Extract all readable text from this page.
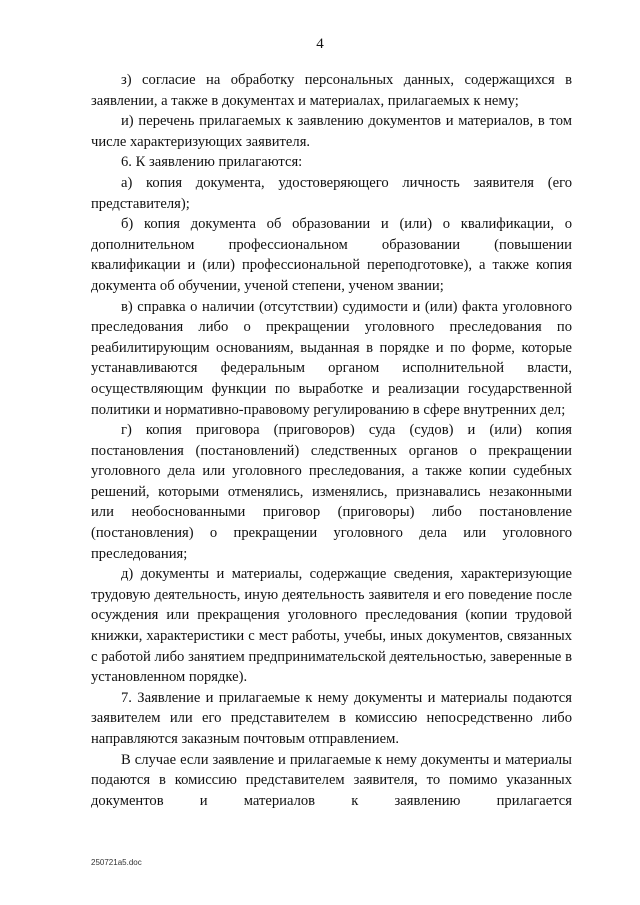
4

з) согласие на обработку персональных данных, содержащихся в заявлении, а также в документах и материалах, прилагаемых к нему;

и) перечень прилагаемых к заявлению документов и материалов, в том числе характеризующих заявителя.

6. К заявлению прилагаются:

а) копия документа, удостоверяющего личность заявителя (его представителя);

б) копия документа об образовании и (или) о квалификации, о дополнительном профессиональном образовании (повышении квалификации и (или) профессиональной переподготовке), а также копия документа об обучении, ученой степени, ученом звании;

в) справка о наличии (отсутствии) судимости и (или) факта уголовного преследования либо о прекращении уголовного преследования по реабилитирующим основаниям, выданная в порядке и по форме, которые устанавливаются федеральным органом исполнительной власти, осуществляющим функции по выработке и реализации государственной политики и нормативно-правовому регулированию в сфере внутренних дел;

г) копия приговора (приговоров) суда (судов) и (или) копия постановления (постановлений) следственных органов о прекращении уголовного дела или уголовного преследования, а также копии судебных решений, которыми отменялись, изменялись, признавались незаконными или необоснованными приговор (приговоры) либо постановление (постановления) о прекращении уголовного дела или уголовного преследования;

д) документы и материалы, содержащие сведения, характеризующие трудовую деятельность, иную деятельность заявителя и его поведение после осуждения или прекращения уголовного преследования (копии трудовой книжки, характеристики с мест работы, учебы, иных документов, связанных с работой либо занятием предпринимательской деятельностью, заверенные в установленном порядке).

7. Заявление и прилагаемые к нему документы и материалы подаются заявителем или его представителем в комиссию непосредственно либо направляются заказным почтовым отправлением.

В случае если заявление и прилагаемые к нему документы и материалы подаются в комиссию представителем заявителя, то помимо указанных документов и материалов к заявлению прилагается

250721a5.doc
